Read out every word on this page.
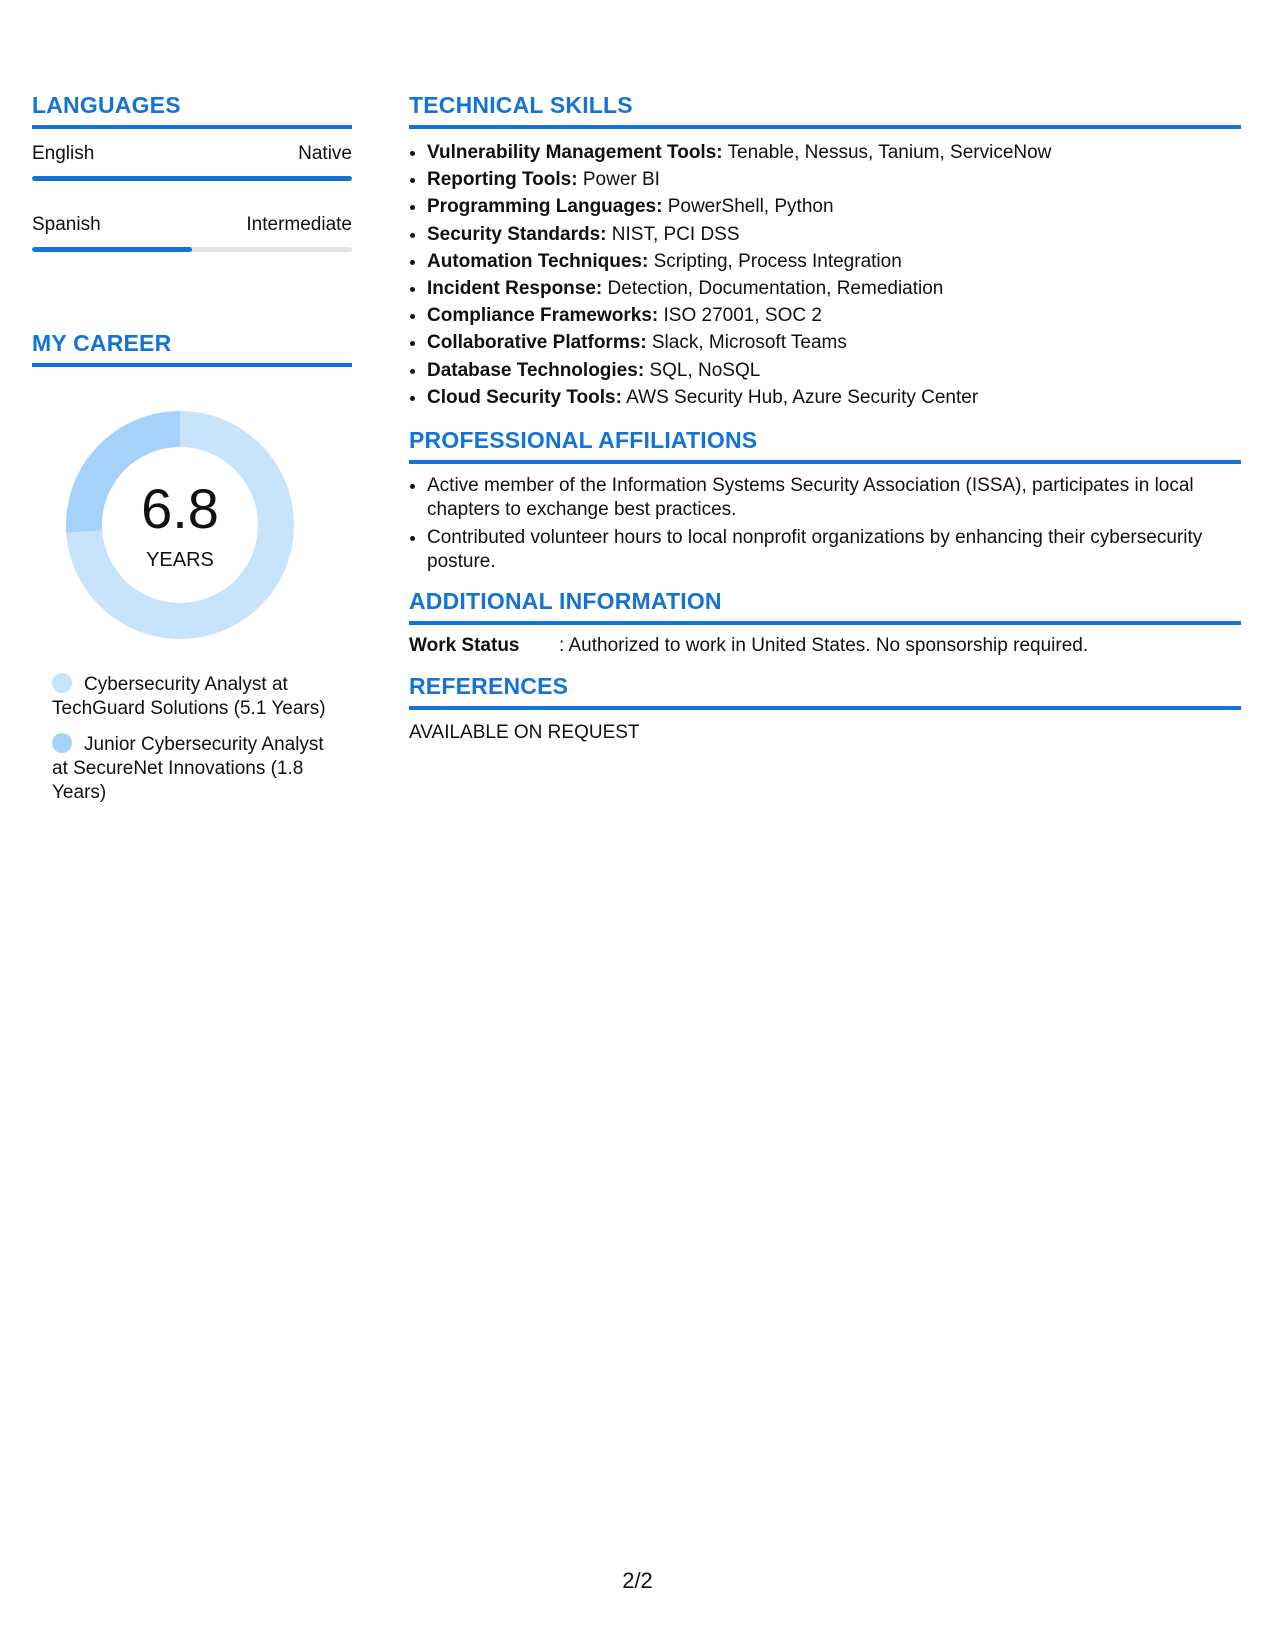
LANGUAGES
English	Native
Spanish	Intermediate
MY CAREER
6.8
YEARS
Cybersecurity Analyst at TechGuard Solutions (5.1 Years)
Junior Cybersecurity Analyst at SecureNet Innovations (1.8 Years)
TECHNICAL SKILLS
• Vulnerability Management Tools: Tenable, Nessus, Tanium, ServiceNow
• Reporting Tools: Power BI
• Programming Languages: PowerShell, Python
• Security Standards: NIST, PCI DSS
• Automation Techniques: Scripting, Process Integration
• Incident Response: Detection, Documentation, Remediation
• Compliance Frameworks: ISO 27001, SOC 2
• Collaborative Platforms: Slack, Microsoft Teams
• Database Technologies: SQL, NoSQL
• Cloud Security Tools: AWS Security Hub, Azure Security Center
PROFESSIONAL AFFILIATIONS
• Active member of the Information Systems Security Association (ISSA), participates in local chapters to exchange best practices.
• Contributed volunteer hours to local nonprofit organizations by enhancing their cybersecurity posture.
ADDITIONAL INFORMATION
Work Status	: Authorized to work in United States. No sponsorship required.
REFERENCES
AVAILABLE ON REQUEST
2/2
